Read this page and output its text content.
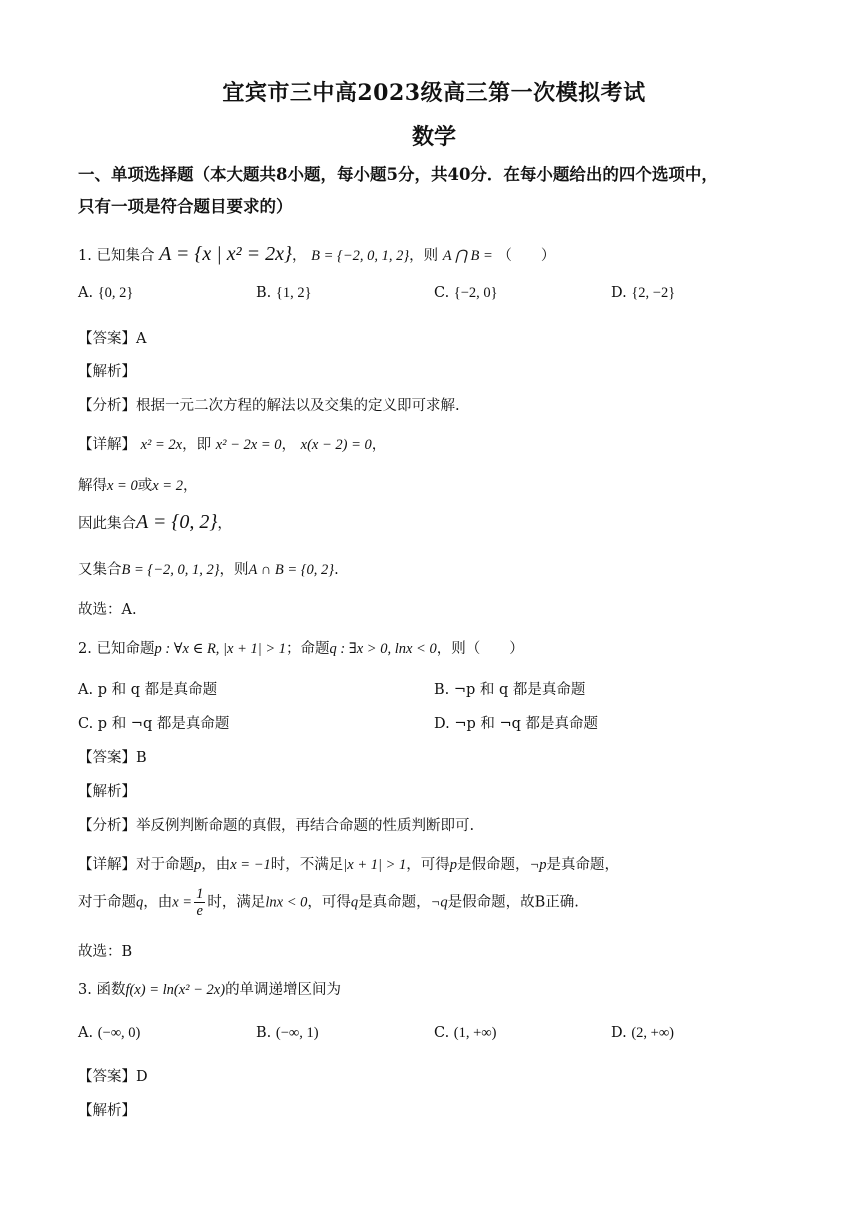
宜宾市三中高2023级高三第一次模拟考试
数学
一、单项选择题（本大题共8小题，每小题5分，共40分．在每小题给出的四个选项中，
只有一项是符合题目要求的）
1. 已知集合 A = {x | x² = 2x}， B = {−2, 0, 1, 2}，则 A ⋂ B = （　　）
A. {0, 2}	B. {1, 2}	C. {−2, 0}	D. {2, −2}
【答案】A
【解析】
【分析】根据一元二次方程的解法以及交集的定义即可求解.
【详解】 x² = 2x，即 x² − 2x = 0， x(x − 2) = 0，
解得x = 0或x = 2，
因此集合A = {0, 2}，
又集合B = {−2, 0, 1, 2}，则A ∩ B = {0, 2}.
故选：A.
2. 已知命题p : ∀x ∈ R, |x + 1| > 1；命题q : ∃x > 0, lnx < 0，则（　　）
A. p 和 q 都是真命题	B. ¬p 和 q 都是真命题
C. p 和 ¬q 都是真命题	D. ¬p 和 ¬q 都是真命题
【答案】B
【解析】
【分析】举反例判断命题的真假，再结合命题的性质判断即可.
【详解】对于命题p，由x = −1时，不满足|x + 1| > 1，可得p是假命题，¬p是真命题，
对于命题q，由$x = \frac{1}{e}$ 时，满足lnx < 0，可得q是真命题，¬q是假命题，故B正确.
故选：B
3. 函数f(x) = ln(x² − 2x)的单调递增区间为
A. (−∞, 0)	B. (−∞, 1)	C. (1, +∞)	D. (2, +∞)
【答案】D
【解析】
